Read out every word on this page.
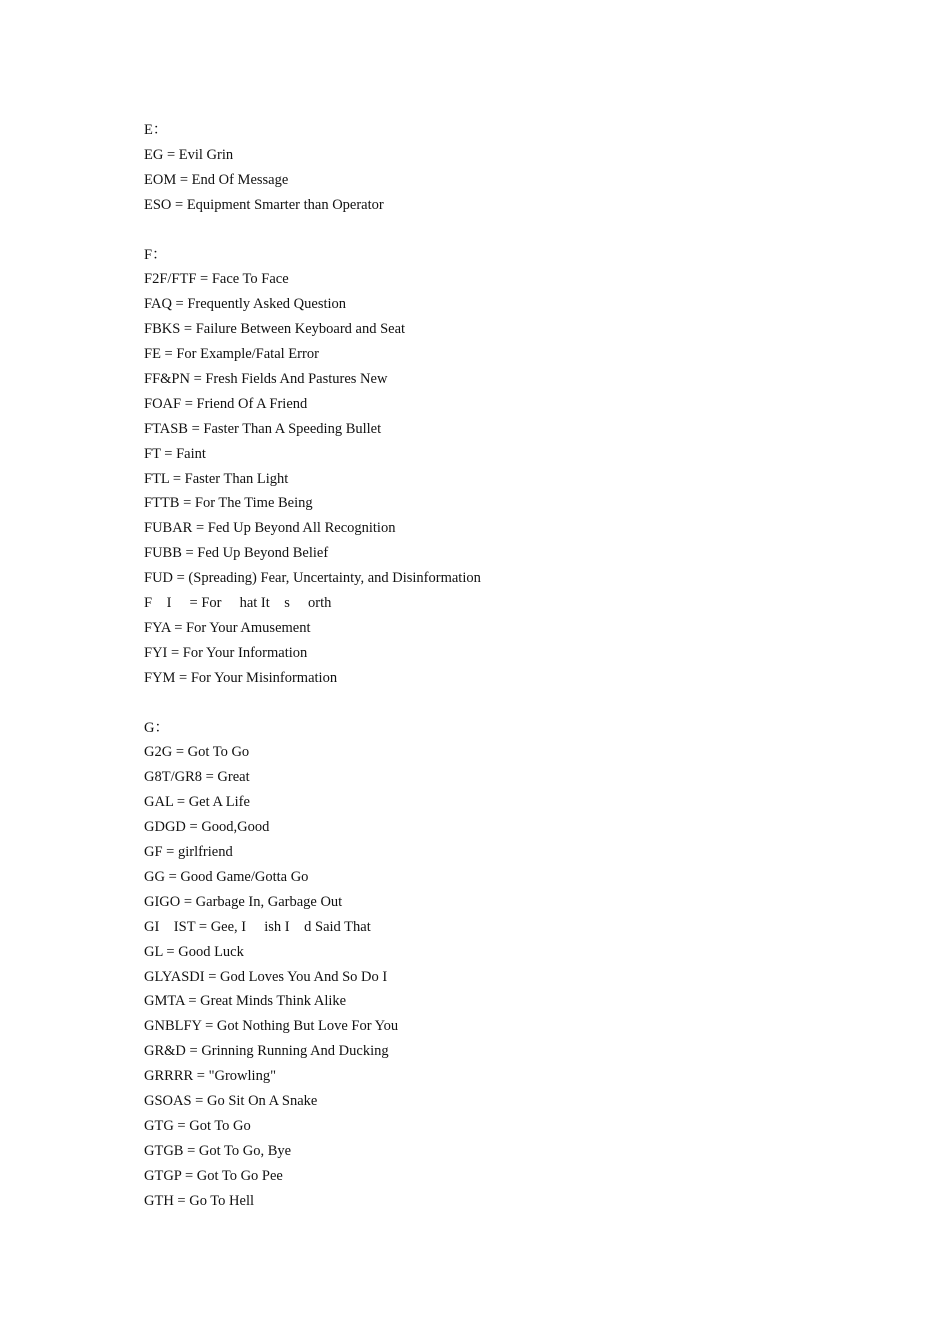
E：

EG = Evil Grin

EOM = End Of Message

ESO = Equipment Smarter than Operator

F：

F2F/FTF = Face To Face

FAQ = Frequently Asked Question

FBKS = Failure Between Keyboard and Seat

FE = For Example/Fatal Error

FF&PN = Fresh Fields And Pastures New

FOAF = Friend Of A Friend

FTASB = Faster Than A Speeding Bullet

FT = Faint

FTL = Faster Than Light

FTTB = For The Time Being

FUBAR = Fed Up Beyond All Recognition

FUBB = Fed Up Beyond Belief

FUD = (Spreading) Fear, Uncertainty, and Disinformation

F    I     = For     hat It    s     orth

FYA = For Your Amusement

FYI = For Your Information

FYM = For Your Misinformation

G：

G2G = Got To Go

G8T/GR8 = Great

GAL = Get A Life

GDGD = Good,Good

GF = girlfriend

GG = Good Game/Gotta Go

GIGO = Garbage In, Garbage Out

GI    IST = Gee, I     ish I    d Said That

GL = Good Luck

GLYASDI = God Loves You And So Do I

GMTA = Great Minds Think Alike

GNBLFY = Got Nothing But Love For You

GR&D = Grinning Running And Ducking

GRRRR = "Growling"

GSOAS = Go Sit On A Snake

GTG = Got To Go

GTGB = Got To Go, Bye

GTGP = Got To Go Pee

GTH = Go To Hell
